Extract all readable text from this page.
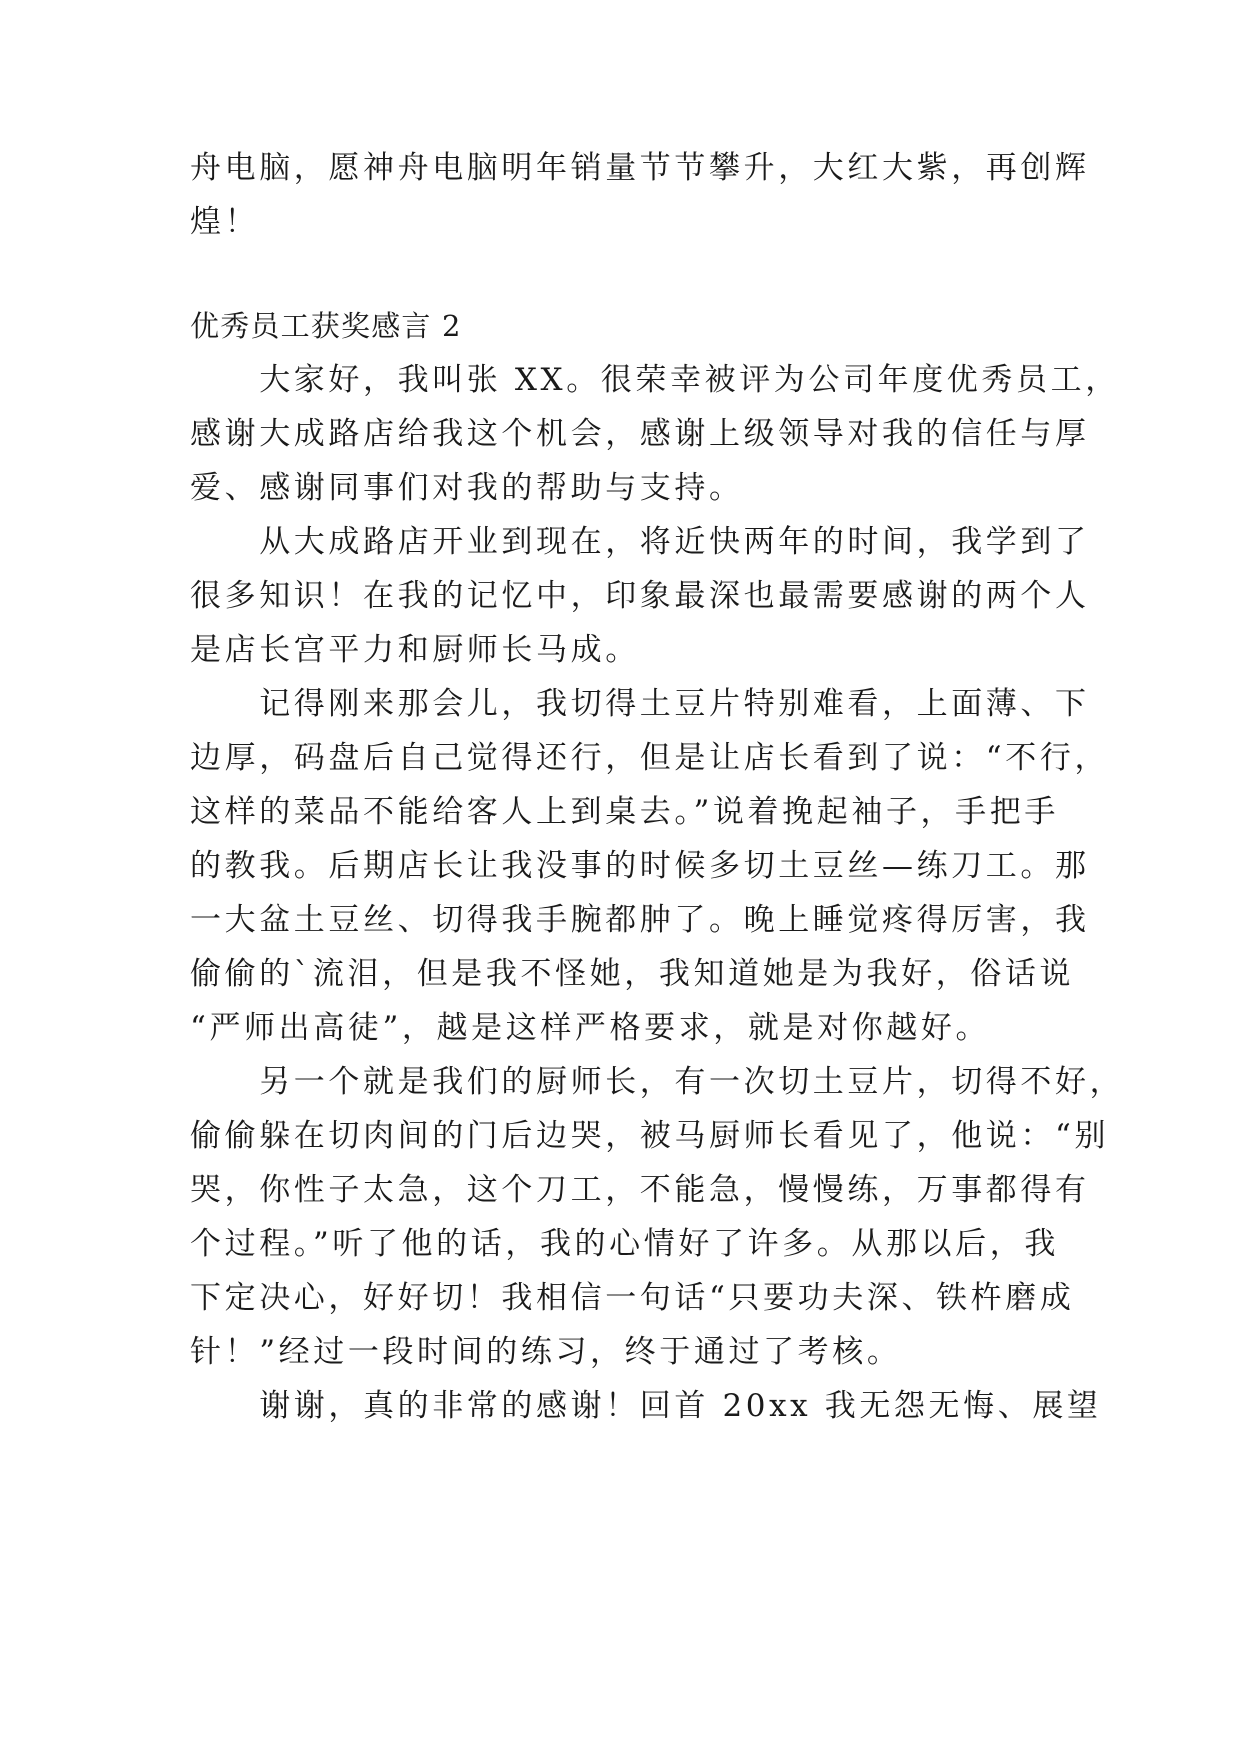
舟电脑，愿神舟电脑明年销量节节攀升，大红大紫，再创辉
煌！
优秀员工获奖感言 2
　　大家好，我叫张 XX。很荣幸被评为公司年度优秀员工，
感谢大成路店给我这个机会，感谢上级领导对我的信任与厚
爱、感谢同事们对我的帮助与支持。
　　从大成路店开业到现在，将近快两年的时间，我学到了
很多知识！在我的记忆中，印象最深也最需要感谢的两个人
是店长宫平力和厨师长马成。
　　记得刚来那会儿，我切得土豆片特别难看，上面薄、下
边厚，码盘后自己觉得还行，但是让店长看到了说：“不行，
这样的菜品不能给客人上到桌去。”说着挽起袖子，手把手
的教我。后期店长让我没事的时候多切土豆丝—练刀工。那
一大盆土豆丝、切得我手腕都肿了。晚上睡觉疼得厉害，我
偷偷的`流泪，但是我不怪她，我知道她是为我好，俗话说
“严师出高徒”，越是这样严格要求，就是对你越好。
　　另一个就是我们的厨师长，有一次切土豆片，切得不好，
偷偷躲在切肉间的门后边哭，被马厨师长看见了，他说：“别
哭，你性子太急，这个刀工，不能急，慢慢练，万事都得有
个过程。”听了他的话，我的心情好了许多。从那以后，我
下定决心，好好切！我相信一句话“只要功夫深、铁杵磨成
针！”经过一段时间的练习，终于通过了考核。
　　谢谢，真的非常的感谢！回首 20xx 我无怨无悔、展望
